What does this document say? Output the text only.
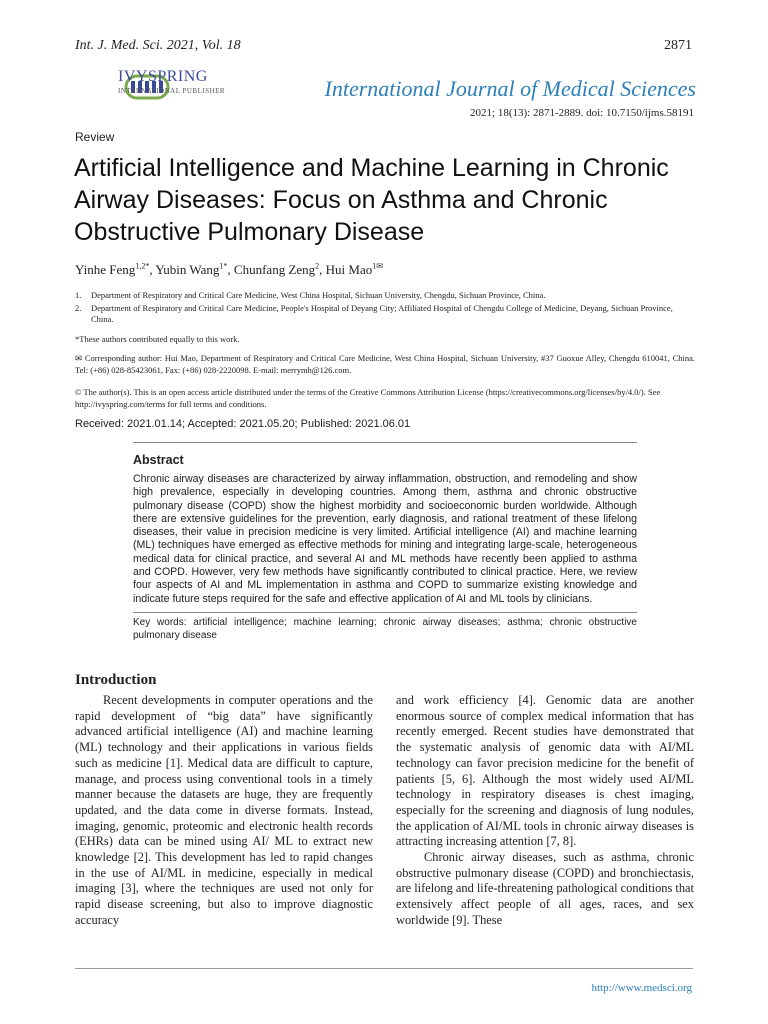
Int. J. Med. Sci. 2021, Vol. 18	2871
IVYSPRING
INTERNATIONAL PUBLISHER	International Journal of Medical Sciences
2021; 18(13): 2871-2889. doi: 10.7150/ijms.58191
Review
Artificial Intelligence and Machine Learning in Chronic Airway Diseases: Focus on Asthma and Chronic Obstructive Pulmonary Disease
Yinhe Feng$^{1,2*}$, Yubin Wang$^{1*}$, Chunfang Zeng$^2$, Hui Mao$^{1✉}$
1. Department of Respiratory and Critical Care Medicine, West China Hospital, Sichuan University, Chengdu, Sichuan Province, China.
2. Department of Respiratory and Critical Care Medicine, People's Hospital of Deyang City; Affiliated Hospital of Chengdu College of Medicine, Deyang, Sichuan Province, China.
*These authors contributed equally to this work.
✉ Corresponding author: Hui Mao, Department of Respiratory and Critical Care Medicine, West China Hospital, Sichuan University, #37 Guoxue Alley, Chengdu 610041, China. Tel: (+86) 028-85423061, Fax: (+86) 028-2220098. E-mail: merrymh@126.com.
© The author(s). This is an open access article distributed under the terms of the Creative Commons Attribution License (https://creativecommons.org/licenses/by/4.0/). See http://ivyspring.com/terms for full terms and conditions.
Received: 2021.01.14; Accepted: 2021.05.20; Published: 2021.06.01
Abstract

Chronic airway diseases are characterized by airway inflammation, obstruction, and remodeling and show high prevalence, especially in developing countries. Among them, asthma and chronic obstructive pulmonary disease (COPD) show the highest morbidity and socioeconomic burden worldwide. Although there are extensive guidelines for the prevention, early diagnosis, and rational treatment of these lifelong diseases, their value in precision medicine is very limited. Artificial intelligence (AI) and machine learning (ML) techniques have emerged as effective methods for mining and integrating large-scale, heterogeneous medical data for clinical practice, and several AI and ML methods have recently been applied to asthma and COPD. However, very few methods have significantly contributed to clinical practice. Here, we review four aspects of AI and ML implementation in asthma and COPD to summarize existing knowledge and indicate future steps required for the safe and effective application of AI and ML tools by clinicians.

Key words: artificial intelligence; machine learning; chronic airway diseases; asthma; chronic obstructive pulmonary disease
Introduction

Recent developments in computer operations and the rapid development of “big data” have significantly advanced artificial intelligence (AI) and machine learning (ML) technology and their applications in various fields such as medicine [1]. Medical data are difficult to capture, manage, and process using conventional tools in a timely manner because the datasets are huge, they are frequently updated, and the data come in diverse formats. Instead, imaging, genomic, proteomic and electronic health records (EHRs) data can be mined using AI/ ML to extract new knowledge [2]. This development has led to rapid changes in the use of AI/ML in medicine, especially in medical imaging [3], where the techniques are used not only for rapid disease screening, but also to improve diagnostic accuracy

and work efficiency [4]. Genomic data are another enormous source of complex medical information that has recently emerged. Recent studies have demonstrated that the systematic analysis of genomic data with AI/ML technology can favor precision medicine for the benefit of patients [5, 6]. Although the most widely used AI/ML technology in respiratory diseases is chest imaging, especially for the screening and diagnosis of lung nodules, the application of AI/ML tools in chronic airway diseases is attracting increasing attention [7, 8].

Chronic airway diseases, such as asthma, chronic obstructive pulmonary disease (COPD) and bronchiectasis, are lifelong and life-threatening pathological conditions that extensively affect people of all ages, races, and sex worldwide [9]. These

http://www.medsci.org
